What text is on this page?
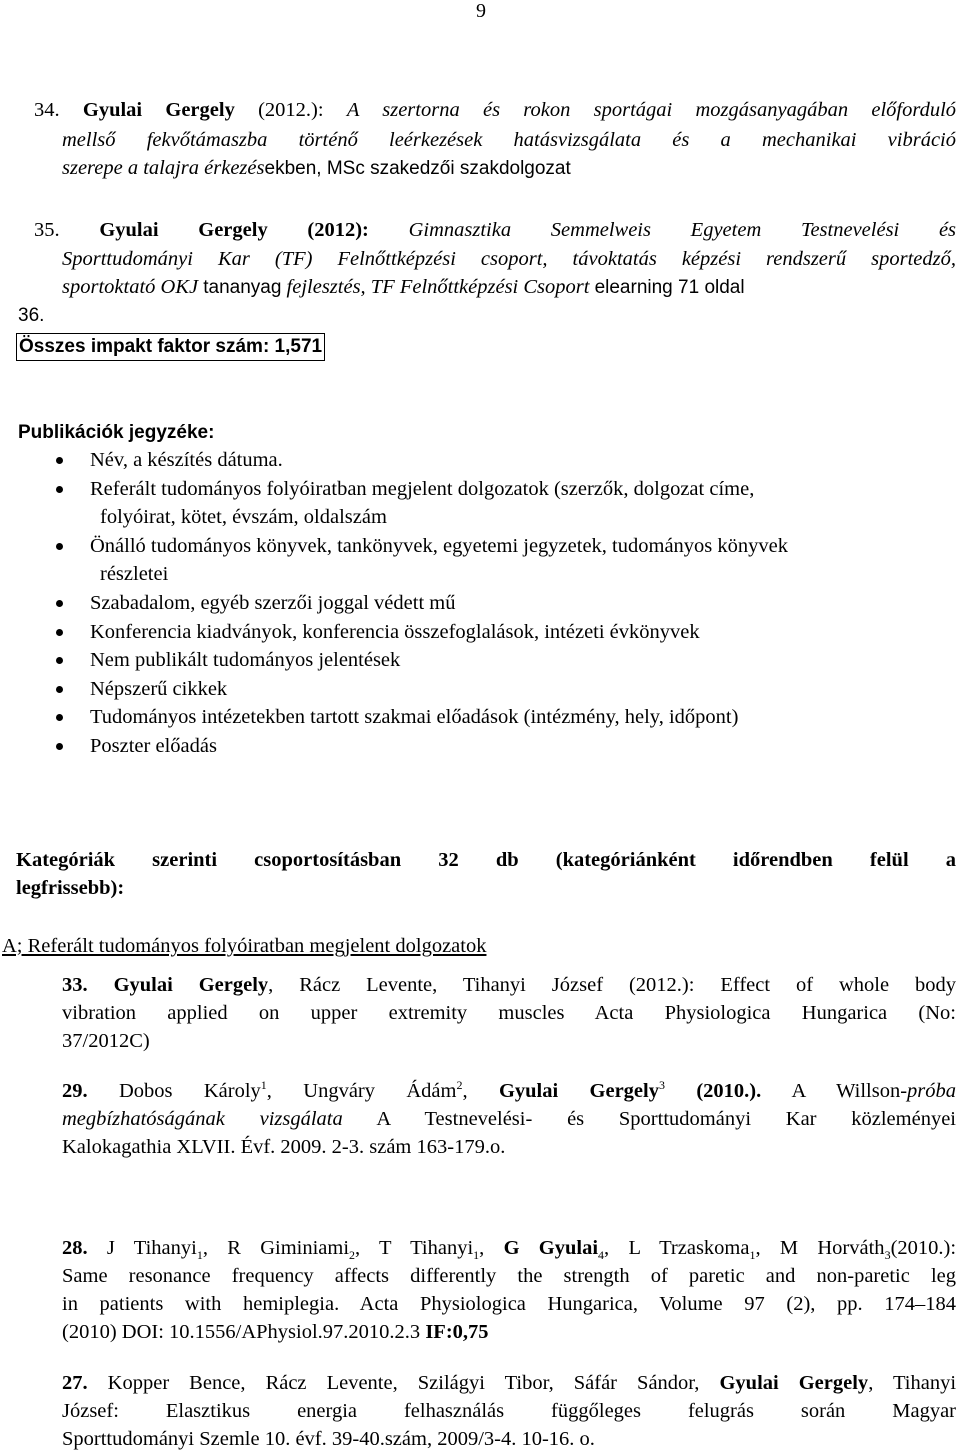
9
34. Gyulai Gergely (2012.): A szertorna és rokon sportágai mozgásanyagában előforduló
mellső fekvőtámaszba történő leérkezések hatásvizsgálata és a mechanikai vibráció
szerepe a talajra érkezésekben, MSc szakedzői szakdolgozat
35. Gyulai Gergely (2012): Gimnasztika Semmelweis Egyetem Testnevelési és
Sporttudományi Kar (TF) Felnőttképzési csoport, távoktatás képzési rendszerű sportedző,
sportoktató OKJ tananyag fejlesztés, TF Felnőttképzési Csoport elearning 71 oldal
36.
Összes impakt faktor szám: 1,571
Publikációk jegyzéke:
Név, a készítés dátuma.
Referált tudományos folyóiratban megjelent dolgozatok (szerzők, dolgozat címe,
folyóirat, kötet, évszám, oldalszám
Önálló tudományos könyvek, tankönyvek, egyetemi jegyzetek, tudományos könyvek
részletei
Szabadalom, egyéb szerzői joggal védett mű
Konferencia kiadványok, konferencia összefoglalások, intézeti évkönyvek
Nem publikált tudományos jelentések
Népszerű cikkek
Tudományos intézetekben tartott szakmai előadások (intézmény, hely, időpont)
Poszter előadás
Kategóriák szerinti csoportosításban 32 db (kategóriánként időrendben felül a
legfrissebb):
A; Referált tudományos folyóiratban megjelent dolgozatok
33. Gyulai Gergely, Rácz Levente, Tihanyi József (2012.): Effect of whole body
vibration applied on upper extremity muscles Acta Physiologica Hungarica (No:
37/2012C)
29. Dobos Károly$^1$, Ungváry Ádám$^2$, Gyulai Gergely$^3$ (2010.). A Willson-próba
megbízhatóságának vizsgálata A Testnevelési- és Sporttudományi Kar közleményei
Kalokagathia XLVII. Évf. 2009. 2-3. szám 163-179.o.
28. J Tihanyi$_1$, R Giminiami$_2$, T Tihanyi$_1$, G Gyulai$_4$, L Trzaskoma$_1$, M Horváth$_3$(2010.):
Same resonance frequency affects differently the strength of paretic and non-paretic leg
in patients with hemiplegia. Acta Physiologica Hungarica, Volume 97 (2), pp. 174–184
(2010) DOI: 10.1556/APhysiol.97.2010.2.3 IF:0,75
27. Kopper Bence, Rácz Levente, Szilágyi Tibor, Sáfár Sándor, Gyulai Gergely, Tihanyi
József: Elasztikus energia felhasználás függőleges felugrás során Magyar
Sporttudományi Szemle 10. évf. 39-40.szám, 2009/3-4. 10-16. o.
